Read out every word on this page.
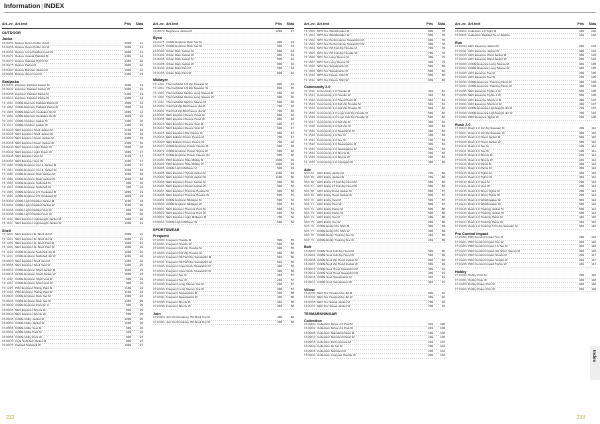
Information|INDEX
Art.-nr. Art.text	Pris	Sida
OUTDOOR
Jacka
1516253 Deluxe Down Puffer Jkt M	2999	11
1516258 Deluxe Down Puffer Jkt W	2999	11
1516263 Deluxe Long Padded Coat W	2999	11
1516271 Deluxe Casual Padded M	2499	11
1516273 Deluxe Padded Hybrid M	2499	12
1516275 Deluxe Parka M	2999	12
1516280 Deluxe Bomber Jacket M	1999	12
1516285 Deluxe Wool Coat M	2499	13
Skaljacka
1516200 Explorer Padded Jacket M	2099	13
1516202 Explorer Padded Jacket W	2099	13
1516208 Explorer Padded Parka M	2499	13
1516210 Explorer Padded Parka W	2499	14
TF 1060 CORE Element Padded Parka M	1999	14
TF 1062 CORE Element Padded Parka W	1999	14
TF 1065 CORE Element Insulated Jkt M	1699	14
TF 1066 CORE Element Insulated Jkt W	1699	15
TF 1070 CORE Outdoor Jacket M	1499	15
TF 1071 CORE Outdoor Jacket W	1499	15
1516420 NEV Explorer Shell Jacket M	2199	15
1516425 NEV Explorer Shell Jacket W	2199	16
1516430 NEV Explorer Down Jacket M	2499	16
1516435 NEV Explorer Down Jacket W	2499	16
1516440 NEV Explorer Light Down M	1699	16
1516442 NEV Explorer Light Down W	1699	17
1516448 NEV Explorer Vest M	1199	17
1516450 NEV Explorer Vest W	1199	17
TF 1080 CORE Explorer 3-in-1 Jacket M	2499	17
TF 1081 CORE Explorer 3-in-1 Jacket W	2499	18
TF 1085 CORE Explorer Rain Jacket M	1299	18
TF 1086 CORE Explorer Rain Jacket W	1299	18
TF 1090 CORE Explorer Softshell M	999	18
TF 1091 CORE Explorer Softshell W	999	19
TF 1095 CORE Explorer 2.5 Insulated M	1899	19
TF 1096 CORE Explorer 2.5 Insulated W	1899	19
1516460 CORE Light Padded Jacket M	1199	19
1516462 CORE Light Padded Jacket W	1199	20
1516466 CORE Light Padded Vest M	899	20
1516468 CORE Light Padded Vest W	899	20
TF 1100 NEV Explorer Lightweight Jacket M	1399	20
TF 1101 NEV Explorer Lightweight Jacket W	1399	21
Shell
TF 1200 NEV Explorer 3L Shell Jkt M	2999	21
TF 1201 NEV Explorer 3L Shell Jkt W	2999	21
TF 1205 NEV Explorer 3L Shell Pant M	1999	21
TF 1206 NEV Explorer 3L Shell Pant W	1999	22
TF 1210 CORE Explorer Softshell Jkt M	1299	22
TF 1211 CORE Explorer Softshell Jkt W	1299	22
1516500 NEV Explorer Shell Vest M	1499	22
1516505 NEV Explorer Shell Vest W	1499	23
1516510 CORE Explorer Shell Jacket M	1699	23
1516515 CORE Explorer Shell Jacket W	1699	23
TF 1220 CORE Explorer Shell Vest M	999	23
TF 1221 CORE Explorer Shell Vest W	999	24
TF 1225 PRO Explorer Hiking Pant M	1199	24
TF 1226 PRO Explorer Hiking Pant W	1199	24
1516520 CORE Explorer Rain Set M	1499	24
1516525 CORE Explorer Rain Set W	1499	25
1516530 CORE Explorer Poncho U	699	25
1516535 NEV Explorer Shorts M	599	25
1516540 NEV Explorer Shorts W	599	25
1516545 CORE Utility Jacket M	1299	26
1516550 CORE Utility Jacket W	1299	26
1516555 CORE Utility Vest M	999	26
1516560 CORE Utility Pant M	999	26
1516565 CORE Utility Pant W	999	27
1516570 Light Softshell Jacket M	899	27
1516575 Padded Softshell W	1099	27
Art.-nr. Art.text	Pris	Sida
1516570 Beginners Jacket M	1299	37
Byxa
1516175 CORE Explorer Rain Set M	999	43
1516178 CORE Explorer Rain Set W	999	43
1516180 Urban Rain Jacket M	899	43
1516182 Urban Rain Jacket W	899	43
1516185 Urban Rain Jacket M	899	44
1516188 Urban Rain Jacket W	899	44
1516190 Urban Rain Pant M	599	44
1516195 Urban Rain Pant W	599	44
Midlayer
TF 1300 ThermoMidel 1/4 Zip Sweater M	899	44
TF 1301 ThermoMidel 1/4 Zip Sweater W	899	45
TF 1305 ThermoMidel Merino Long Sleeve M	699	45
TF 1306 ThermoMidel Merino Long Sleeve W	699	45
TF 1310 ThermoMidel Merino Sleeve M	599	45
1516400 Trail Full Zip Mid Fleece Jkt M	799	46
1516402 Trail Full Zip Mid Fleece Jkt W	799	46
1516405 NEV Explorer Fleece Hood M	899	46
1516408 NEV Explorer Fleece Hood W	899	46
1516410 NEV Explorer Fleece Vest M	699	47
1516412 NEV Explorer Fleece Vest W	699	47
1516415 NEV Explorer Pile Fleece M	999	47
1516418 NEV Edition Power Fleece M	799	47
1516420 NEV Edition Power Fleece W	799	48
1516470 CORE Explorer Power Fleece M	699	48
1516472 CORE Explorer Power Stylus W	699	48
1516475 CORE Explorer Power Fleece Jkt	699	48
1516480 PRO Explorer Hike Midlay M	1099	49
1516482 PRO Explorer Hike Midlay W	1099	49
1516485 CORE Light Midlayer M	599	49
1516488 NEV Explorer Hybrid Jacket M	1199	49
1516490 NEV Explorer Hybrid Jacket W	1199	50
1516495 NEV Explorer Power Jacket M	999	50
1516496 NEV Explorer Power Jacket W	999	50
1516497 NEV Explorer Thermal Hoodie M	999	50
1516498 NEV Explorer Thermal Hoodie W	999	51
1516499 CORE Explorer Midlayer M	599	51
1516500 CORE Explorer Midlayer W	599	51
1516501 NEV Explorer Thermal Pant M	699	51
1516502 NEV Explorer Thermal Pant W	699	52
1516503 NEV Explorer Light Midlayer M	799	52
1516504 CORE Light Midlayer W	599	52
SPORTSWEAR
Frequent
FT18000 Frequent Hoodie M	599	55
FT18001 Frequent Hoodie W	599	55
FT18005 Frequent Full Zip Hoodie M	699	55
FT18006 Frequent Full Zip Hoodie W	699	55
FT18010 Frequent HZ Half Zip Sweatshirt M	549	56
FT18011 Frequent HZ Half Zip Sweatshirt W	549	56
FT18015 Frequent Crew Neck Sweatshirt M	499	56
FT18016 Frequent Crew Neck Sweatshirt W	499	56
FT18020 Frequent Tee M	249	57
FT18021 Frequent Tee W	249	57
FT18025 Frequent Long Sleeve Tee M	299	57
FT18026 Frequent Long Sleeve Tee W	299	57
FT18030 Frequent Sweatpants M	499	58
FT18031 Frequent Sweatpants W	499	58
FT18035 Frequent Shorts M	349	58
FT18036 Frequent Shorts W	349	58
Join
FT19000 Join Performance HZ Shell Top M	499	60
FT19001 Join Performance HZ Shell Top W	499	60
Art.-nr. Art.text	Pris	Sida
TF 1500 NPV Tec Windbreaker M	999	78
TF 1501 NPV Tec Windbreaker W	999	78
TF 1502 NPV Tec Performance Sweatshirt M	699	78
TF 1503 NPV Tec Performance Sweatshirt W	699	78
TF 1504 NPV Tec HZ Full Zip Hoodie M	799	79
TF 1505 NPV Tec HZ Full Zip Hoodie W	799	79
TF 1506 NPV Tec Long Sleeve M	499	79
TF 1507 NPV Tec Long Sleeve W	499	79
TF 1508 NPV Tec Sweatpants M	599	80
TF 1509 NPV Tec Sweatpants W	599	80
TF 1510 NPV Tec Fleece Shirt M	699	80
TF 1511 NPV Tec Fleece Shirt W	699	80
Community 2.0
TF 1520 Community 2.0 Hoodie M	449	81
TF 1521 Community 2.0 Hoodie W	449	81
TF 1522 Community 2.0 Hood Plush M	549	81
TF 1523 Community 2.0 Full Zip Hoodie M	549	81
TF 1524 Community 2.0 Full Zip Hoodie W	549	82
TF 1525 Community 2.0 Logo Full Zip Hoodie M	599	82
TF 1526 Community 2.0 Logo Full Zip Hoodie W	599	82
TF 1527 Community 2.0 Full Zip M	499	82
TF 1528 Community 2.0 Full Zip W	499	83
TF 1529 Community 2.0 Sweatshirt M	399	83
TF 1530 Community 2.0 Tee M	199	83
TF 1531 Community 2.0 Tee W	199	83
TF 1532 Community 2.0 Sweatpants M	399	84
TF 1533 Community 2.0 Sweatpants W	399	84
TF 1534 Community 2.0 Shorts M	299	84
TF 1535 Community 2.0 Shorts W	299	84
TF 1536 Community 2.0 Cardigan W	499	85
Adv
NKF 64	ADV Entity Jacket M	799	86
NKF 65	ADV Entity Jacket W	799	86
NKF 66	ADV Entity LT Full Zip Hood M	699	86
NKF 67	ADV Entity LT Full Zip Hood W	699	86
NKF 68	ADV Entity Hood Jacket M	899	87
NKF 69	ADV Entity Hood Jacket W	899	87
NKF 70	ADV Entity Vest M	599	87
NKF 71	ADV Entity Vest W	599	87
NKF 72	ADV Entity Pants M	599	88
NKF 73	ADV Entity Pants W	599	88
NKF 74	ADV Entity Tee M	299	88
NKF 75	ADV Entity Tee W	299	88
NKF 76	CORE Entity Pro Shirt M	399	89
NKF 77	CORE Entity Pro Shirt W	399	89
NKF 78	CORE Entity Training Tee M	249	89
NKF 79	CORE Entity Training Tee W	249	89
Bolt
1516600 CORE Soul Full Zip Hood M	599	90
1516602 CORE Soul Full Zip Hood W	599	90
1516605 CORE Soul Zip Hood Jacket M	699	90
1516607 CORE Soul Zip Hood Jacket W	699	90
1516610 CORE Soul Hood Sweatshirt M	499	91
1516612 CORE Soul Hood Sweatshirt W	499	91
1516615 CORE Soul Sweatpants M	449	91
1516617 CORE Soul Sweatpants W	449	91
Villow
1516700 NEV Tec Hooded Zip Jkt M	999	92
1516702 NEV Tec Hooded Zip Jkt W	999	92
1516705 NEV Tec Sweat Jacket M	799	92
1516707 NEV Tec Sweat Jacket W	799	92
TEXMARKNINGAR
Collection
1516800 Collection Stripe 2.0 Pad M	249	100
1516802 Collection Stripe 2.0 Pad W	249	100
1516805 Collection Standard Panel M	199	100
1516810 Collection Standard Panel W	199	100
1516815 Collection Performance M	249	101
1516820 Collection Fit Set M	299	101
1516825 Collection Standard M	199	101
1516830 Collection Cropped Hoodie W	299	101
Art.-nr. Art.text	Pris	Sida
1516900 Collection 2.0 Tight M	349	102
1516905 Collection Padded Tie or Bodice	249	102
Run
FT19010 ADV Essence Jacket M	999	104
FT19011 ADV Essence Jacket W	999	104
FT19015 ADV Essence Wind Jacket M	899	104
FT19016 ADV Essence Wind Jacket W	899	104
FT19020 CORE Essence Long Sleeve M	349	105
FT19021 CORE Essence Long Sleeve W	349	105
FT19025 ADV Essence Tee M	299	105
FT19026 ADV Essence Tee W	299	105
FT19030 CORE Essence Training Pants M	499	106
FT19031 CORE Essence Training Pants W	499	106
FT19035 NEV Essence Tights 2 M	599	106
FT19036 NEV Essence Tights 2 W	599	106
FT19040 ADV Essence Shorts 2 M	399	107
FT19041 ADV Essence Shorts 2 W	399	107
FT19045 CORE Essence Lightweight Jkt M	799	107
FT19046 CORE Essence Lightweight Jkt W	799	107
FT19050 PRO Essence Tights W	699	108
Rush 2.0
FT19100 Rush 2.0 1/2 Zip Sweater M	499	110
FT19101 Rush 2.0 1/2 Zip Sweater W	499	110
FT19105 Rush 2.0 Hood Jacket M	599	110
FT19106 Rush 2.0 Hood Jacket W	599	110
FT19110 Rush 2.0 Tee M	199	111
FT19111 Rush 2.0 Tee W	199	111
FT19115 Rush 2.0 Shorts M	249	111
FT19116 Rush 2.0 Shorts W	249	111
FT19120 Rush 2.0 Pants M	399	112
FT19121 Rush 2.0 Pants W	399	112
FT19125 Rush 2.0 Tights M	349	112
FT19126 Rush 2.0 Tights W	349	112
FT19130 Rush 2.0 Vest M	299	113
FT19131 Rush 2.0 Vest W	299	113
FT19135 Rush 2.0 Short Tights M	299	113
FT19136 Rush 2.0 Short Tights W	299	113
FT19140 Rush 2.0 Windbreaker M	599	114
FT19141 Rush 2.0 Windbreaker W	599	114
FT19145 Rush 2.0 Training Jacket M	599	114
FT19146 Rush 2.0 Training Jacket W	599	114
FT19150 Rush 2.0 Training Pants M	449	115
FT19151 Rush 2.0 Training Pants W	449	115
FT19155 Rush 2.0 Training T-Fit Zip Sweater M	549	115
Pro Control Impact
FT19200 PRO Control Impact Tee M	299	116
FT19201 PRO Control Impact Tee W	299	116
FT19205 PRO Control Impact LS Tee M	349	116
FT19210 PRO Control Impact 3/4 Short Sleeve M	349	116
FT19215 PRO Control Impact Shorts M	299	117
FT19220 PRO Control Impact Singlet W	249	117
FT19225 PRO Control Impact Tights W	449	117
Hobby
FT19300 Hobby Polo M	399	118
FT19301 Hobby Polo W	399	118
FT19305 Hobby Pique Polo M	349	118
FT19306 Hobby Pique Polo W	349	118
232	233
Index
